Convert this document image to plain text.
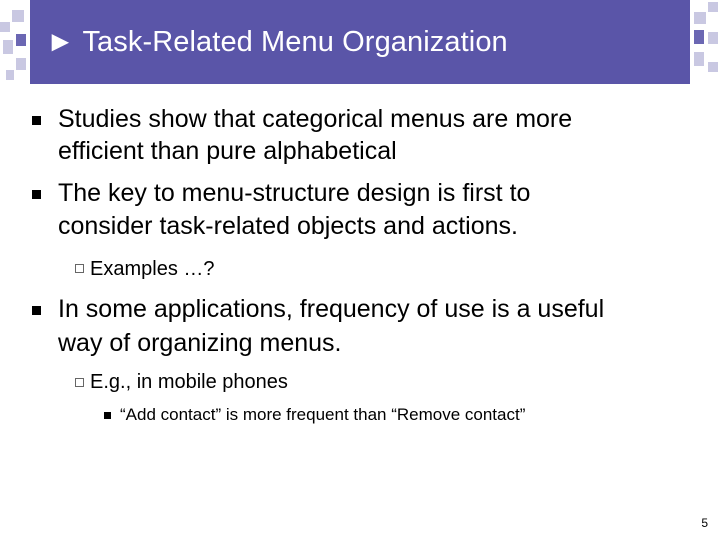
► Task-Related Menu Organization
Studies show that categorical menus are more
efficient than pure alphabetical
The key to menu-structure design is first to
consider task-related objects and actions.
Examples …?
In some applications, frequency of use is a useful
way of organizing menus.
E.g., in mobile phones
“Add contact” is more frequent than “Remove contact”
5
